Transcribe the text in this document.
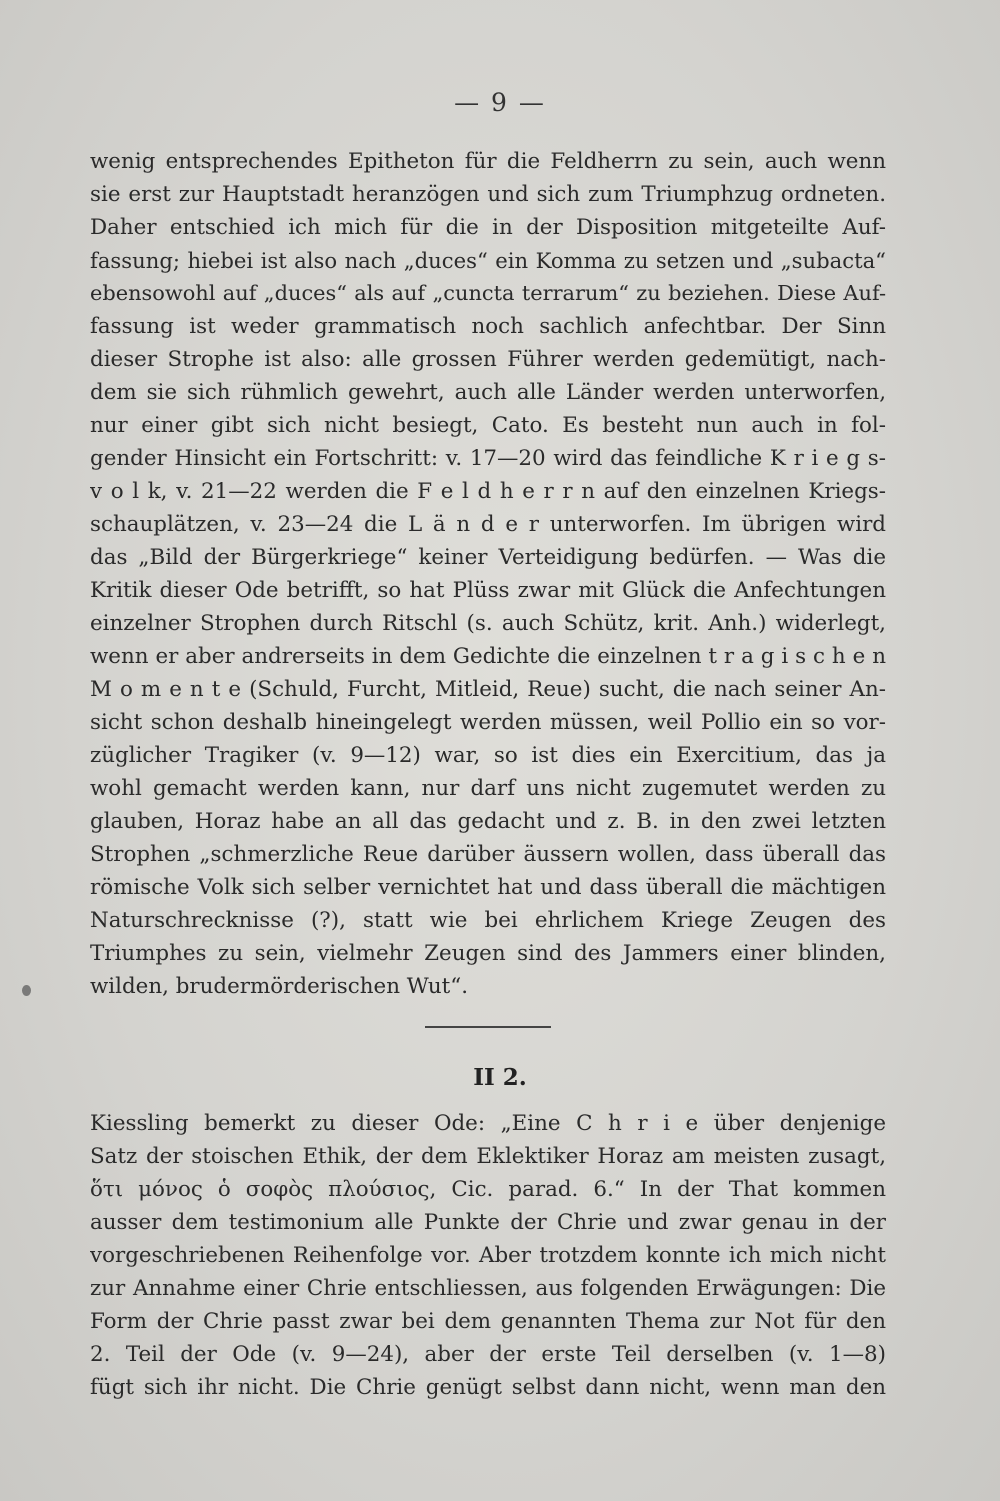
— 9 —
wenig entsprechendes Epitheton für die Feldherrn zu sein, auch wenn
sie erst zur Hauptstadt heranzögen und sich zum Triumphzug ordneten.
Daher entschied ich mich für die in der Disposition mitgeteilte Auf-
fassung; hiebei ist also nach „duces“ ein Komma zu setzen und „subacta“
ebensowohl auf „duces“ als auf „cuncta terrarum“ zu beziehen. Diese Auf-
fassung ist weder grammatisch noch sachlich anfechtbar. Der Sinn
dieser Strophe ist also: alle grossen Führer werden gedemütigt, nach-
dem sie sich rühmlich gewehrt, auch alle Länder werden unterworfen,
nur einer gibt sich nicht besiegt, Cato. Es besteht nun auch in fol-
gender Hinsicht ein Fortschritt: v. 17—20 wird das feindliche K r i e g s-
v o l k, v. 21—22 werden die F e l d h e r r n auf den einzelnen Kriegs-
schauplätzen, v. 23—24 die L ä n d e r unterworfen. Im übrigen wird
das „Bild der Bürgerkriege“ keiner Verteidigung bedürfen. — Was die
Kritik dieser Ode betrifft, so hat Plüss zwar mit Glück die Anfechtungen
einzelner Strophen durch Ritschl (s. auch Schütz, krit. Anh.) widerlegt,
wenn er aber andrerseits in dem Gedichte die einzelnen t r a g i s c h e n
M o m e n t e (Schuld, Furcht, Mitleid, Reue) sucht, die nach seiner An-
sicht schon deshalb hineingelegt werden müssen, weil Pollio ein so vor-
züglicher Tragiker (v. 9—12) war, so ist dies ein Exercitium, das ja
wohl gemacht werden kann, nur darf uns nicht zugemutet werden zu
glauben, Horaz habe an all das gedacht und z. B. in den zwei letzten
Strophen „schmerzliche Reue darüber äussern wollen, dass überall das
römische Volk sich selber vernichtet hat und dass überall die mächtigen
Naturschrecknisse (?), statt wie bei ehrlichem Kriege Zeugen des
Triumphes zu sein, vielmehr Zeugen sind des Jammers einer blinden,
wilden, brudermörderischen Wut“.
II 2.
Kiessling bemerkt zu dieser Ode: „Eine C h r i e über denjenige
Satz der stoischen Ethik, der dem Eklektiker Horaz am meisten zusagt,
ὅτι μόνος ὁ σοφὸς πλούσιος, Cic. parad. 6.“ In der That kommen
ausser dem testimonium alle Punkte der Chrie und zwar genau in der
vorgeschriebenen Reihenfolge vor. Aber trotzdem konnte ich mich nicht
zur Annahme einer Chrie entschliessen, aus folgenden Erwägungen: Die
Form der Chrie passt zwar bei dem genannten Thema zur Not für den
2. Teil der Ode (v. 9—24), aber der erste Teil derselben (v. 1—8)
fügt sich ihr nicht. Die Chrie genügt selbst dann nicht, wenn man den
